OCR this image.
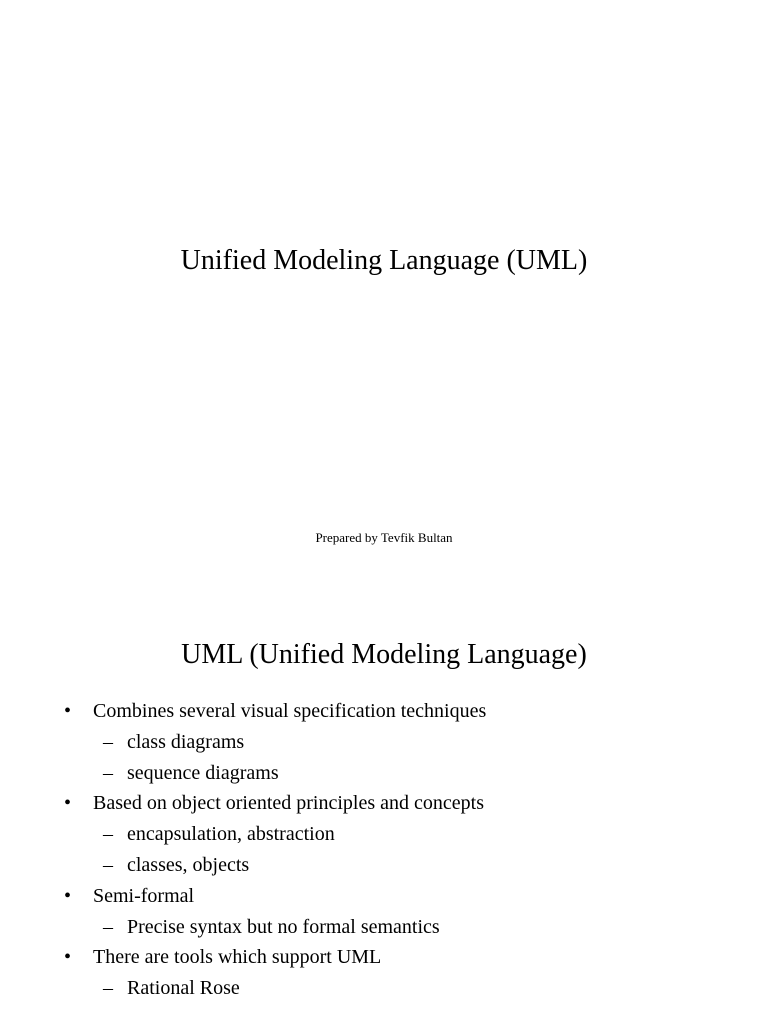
Unified Modeling Language (UML)
Prepared by Tevfik Bultan
UML (Unified Modeling Language)
• Combines several visual specification techniques
– class diagrams
– sequence diagrams
• Based on object oriented principles and concepts
– encapsulation, abstraction
– classes, objects
• Semi-formal
– Precise syntax but no formal semantics
• There are tools which support UML
– Rational Rose
